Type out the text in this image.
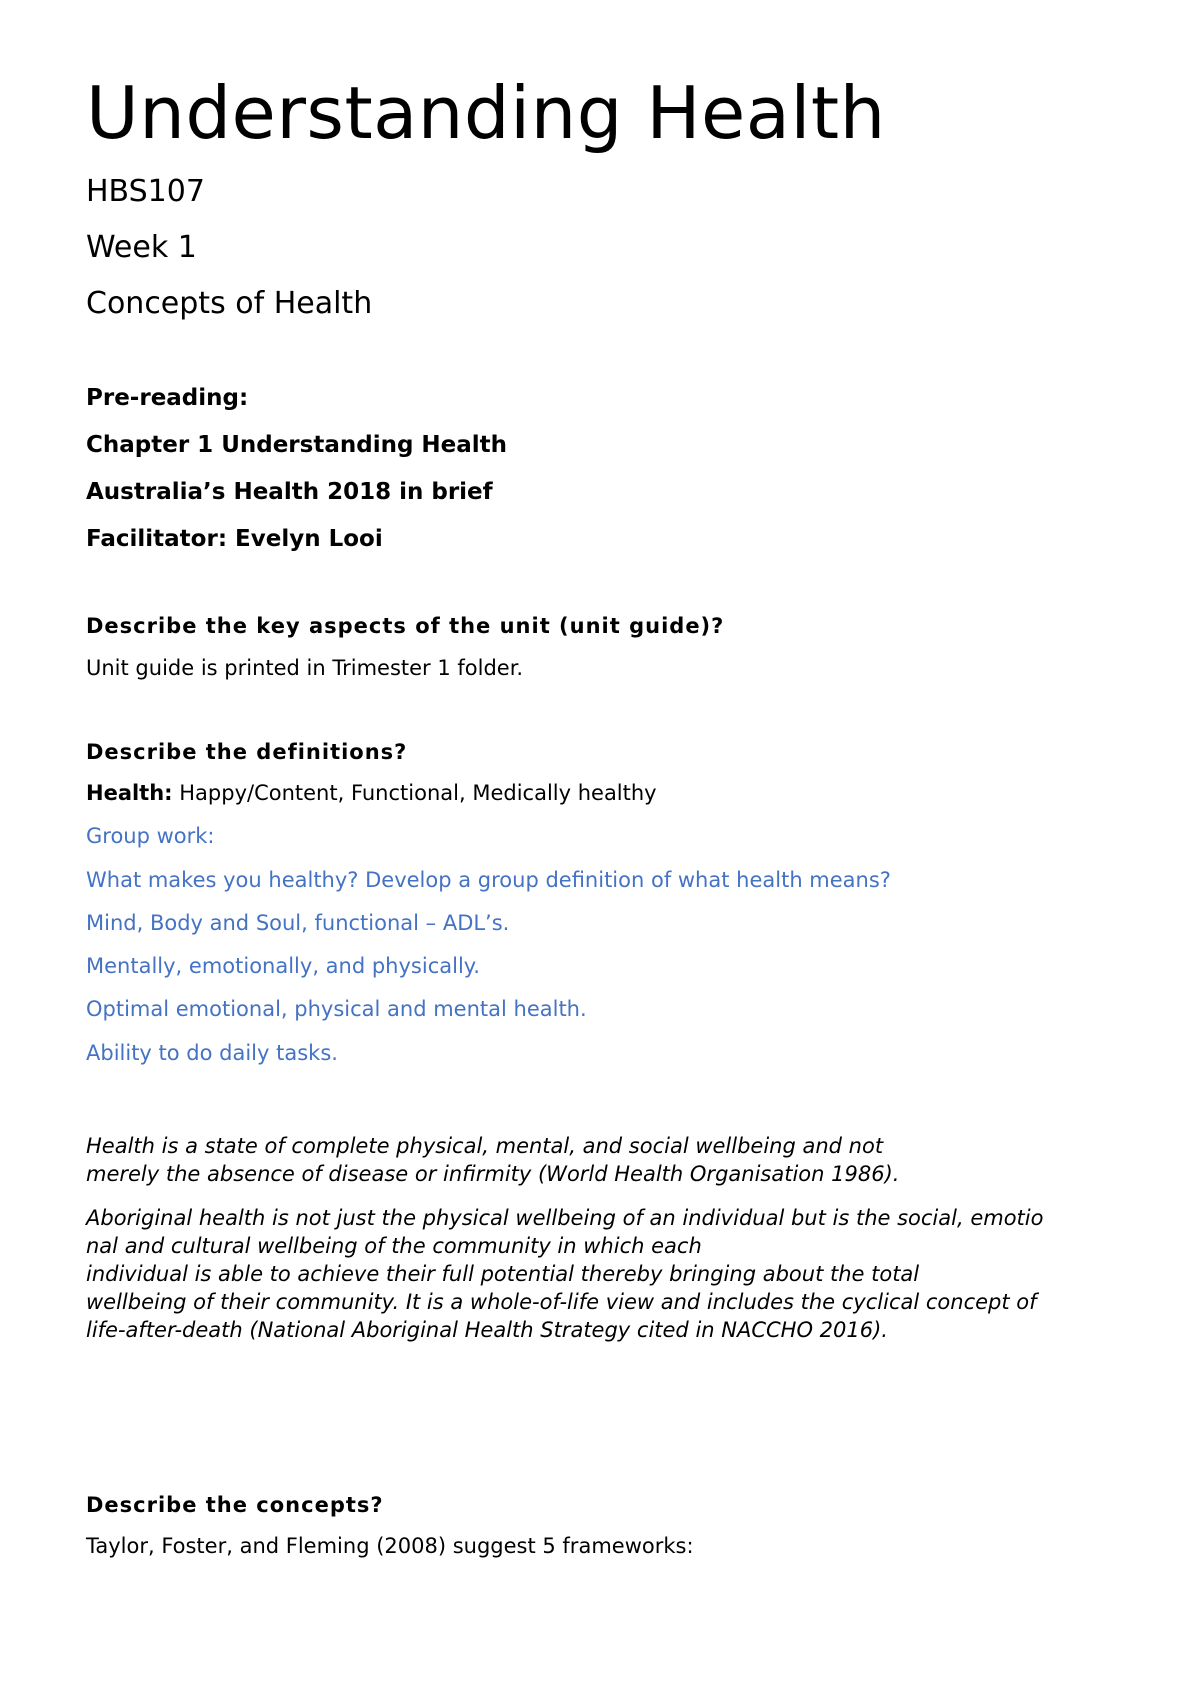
Understanding Health

HBS107

Week 1

Concepts of Health

Pre-reading:

Chapter 1 Understanding Health

Australia’s Health 2018 in brief

Facilitator: Evelyn Looi

Describe the key aspects of the unit (unit guide)?

Unit guide is printed in Trimester 1 folder.

Describe the definitions?

Health: Happy/Content, Functional, Medically healthy

Group work:

What makes you healthy? Develop a group definition of what health means?

Mind, Body and Soul, functional – ADL’s.

Mentally, emotionally, and physically.

Optimal emotional, physical and mental health.

Ability to do daily tasks.

Health is a state of complete physical, mental, and social wellbeing and not
merely the absence of disease or infirmity (World Health Organisation 1986).

Aboriginal health is not just the physical wellbeing of an individual but is the social, emotio
nal and cultural wellbeing of the community in which each
individual is able to achieve their full potential thereby bringing about the total
wellbeing of their community. It is a whole-of-life view and includes the cyclical concept of
life-after-death (National Aboriginal Health Strategy cited in NACCHO 2016).

Describe the concepts?

Taylor, Foster, and Fleming (2008) suggest 5 frameworks:
